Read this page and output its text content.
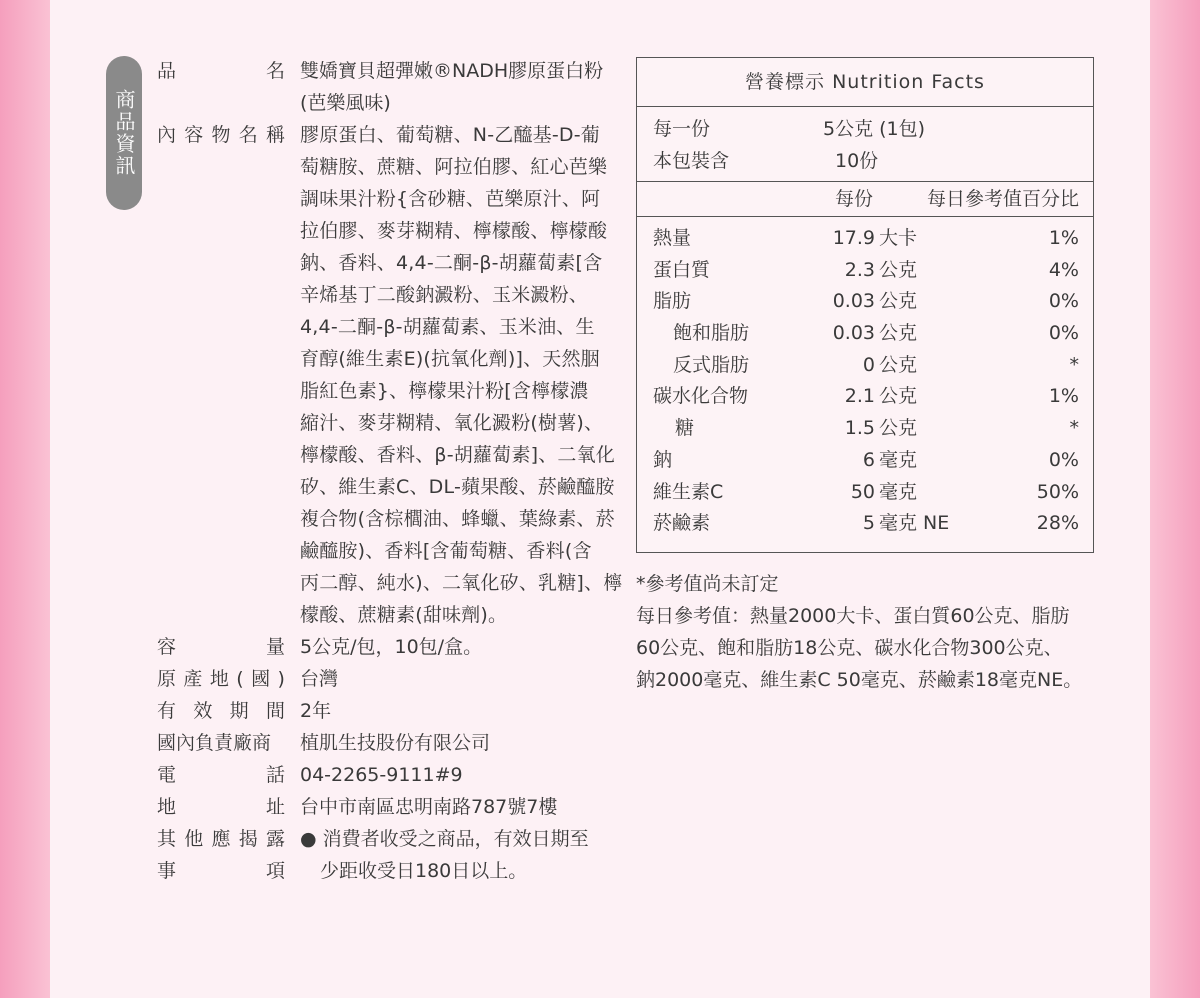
商品資訊
品	名 雙嬌寶貝超彈嫩®NADH膠原蛋白粉
(芭樂風味)
內 容 物 名 稱 膠原蛋白、葡萄糖、N-乙醯基-D-葡
萄糖胺、蔗糖、阿拉伯膠、紅心芭樂
調味果汁粉{含砂糖、芭樂原汁、阿
拉伯膠、麥芽糊精、檸檬酸、檸檬酸
鈉、香料、4,4-二酮-β-胡蘿蔔素[含
辛烯基丁二酸鈉澱粉、玉米澱粉、
4,4-二酮-β-胡蘿蔔素、玉米油、生
育醇(維生素E)(抗氧化劑)]、天然胭
脂紅色素}、檸檬果汁粉[含檸檬濃
縮汁、麥芽糊精、氧化澱粉(樹薯)、
檸檬酸、香料、β-胡蘿蔔素]、二氧化
矽、維生素C、DL-蘋果酸、菸鹼醯胺
複合物(含棕櫚油、蜂蠟、葉綠素、菸
鹼醯胺)、香料[含葡萄糖、香料(含
丙二醇、純水)、二氧化矽、乳糖]、檸
檬酸、蔗糖素(甜味劑)。
容	量 5公克/包，10包/盒。
原 產 地 ( 國 ) 台灣
有 效 期 間 2年
國內負責廠商	植肌生技股份有限公司
電	話 04-2265-9111#9
地	址 台中市南區忠明南路787號7樓
其 他 應 揭 露
事	項
● 消費者收受之商品，有效日期至
少距收受日180日以上。
營養標示 Nutrition Facts
每一份	5公克 (1包)
本包裝含	10份
每份	每日參考值百分比
熱量	17.9 大卡	1%
蛋白質	2.3 公克	4%
脂肪	0.03 公克	0%
飽和脂肪	0.03 公克	0%
反式脂肪	0 公克	*
碳水化合物	2.1 公克	1%
糖	1.5 公克	*
鈉	6 毫克	0%
維生素C	50 毫克	50%
菸鹼素	5 毫克 NE	28%
*參考值尚未訂定
每日參考值：熱量2000大卡、蛋白質60公克、脂肪
60公克、飽和脂肪18公克、碳水化合物300公克、
鈉2000毫克、維生素C 50毫克、菸鹼素18毫克NE。
